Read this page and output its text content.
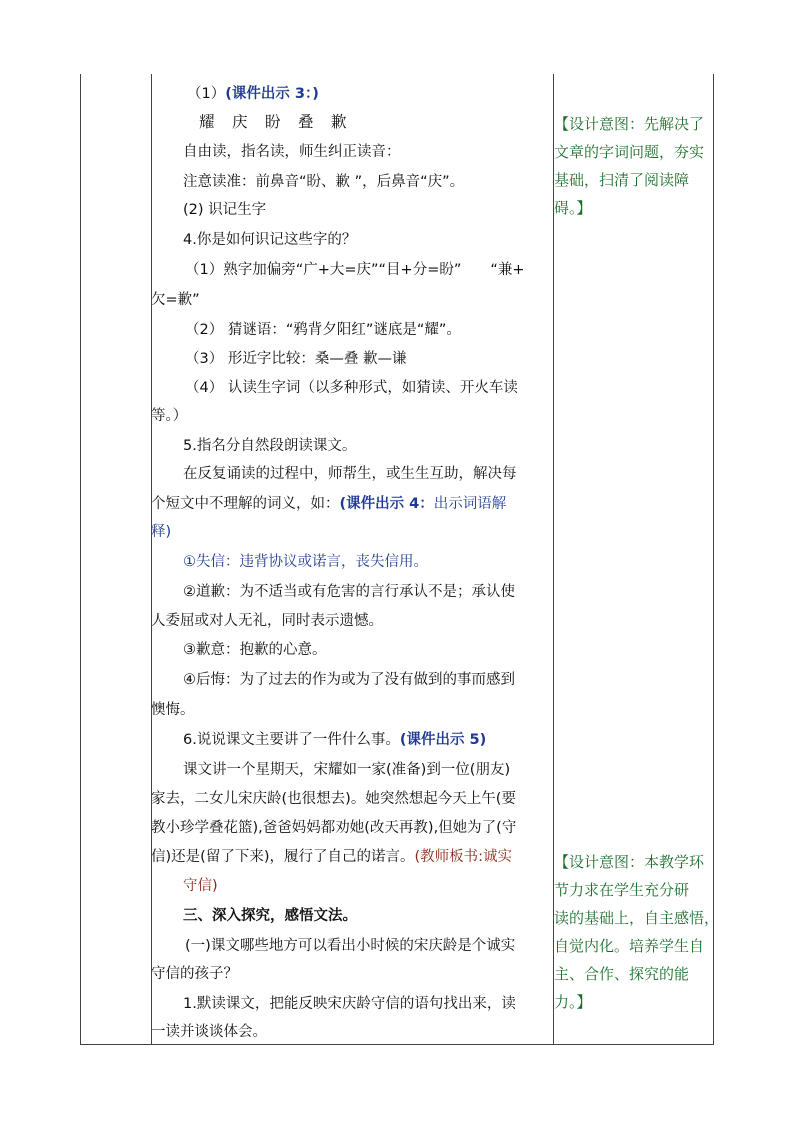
（1）(课件出示 3：)
耀　庆　盼　叠　歉
自由读，指名读，师生纠正读音：
注意读准：前鼻音“盼、歉 ”，后鼻音“庆”。
(2) 识记生字
4.你是如何识记这些字的？
（1）熟字加偏旁“广+大=庆”“目+分=盼”　　“兼+
欠=歉”
（2） 猜谜语：“鸦背夕阳红”谜底是“耀”。
（3） 形近字比较：桑—叠 歉—谦
（4） 认读生字词（以多种形式，如猜读、开火车读
等。）
5.指名分自然段朗读课文。
在反复诵读的过程中，师帮生，或生生互助，解决每
个短文中不理解的词义，如：(课件出示 4：出示词语解
释)
①失信：违背协议或诺言，丧失信用。
②道歉：为不适当或有危害的言行承认不是；承认使
人委屈或对人无礼，同时表示遗憾。
③歉意：抱歉的心意。
④后悔：为了过去的作为或为了没有做到的事而感到
懊悔。
6.说说课文主要讲了一件什么事。(课件出示 5)
课文讲一个星期天，宋耀如一家(准备)到一位(朋友)
家去，二女儿宋庆龄(也很想去)。她突然想起今天上午(要
教小珍学叠花篮),爸爸妈妈都劝她(改天再教),但她为了(守
信)还是(留了下来)，履行了自己的诺言。(教师板书:诚实
守信)
三、深入探究，感悟文法。
(一)课文哪些地方可以看出小时候的宋庆龄是个诚实
守信的孩子？
1.默读课文，把能反映宋庆龄守信的语句找出来，读
一读并谈谈体会。
【设计意图：先解决了
文章的字词问题，夯实
基础，扫清了阅读障
碍。】
【设计意图：本教学环
节力求在学生充分研
读的基础上，自主感悟，
自觉内化。培养学生自
主、合作、探究的能
力。】
